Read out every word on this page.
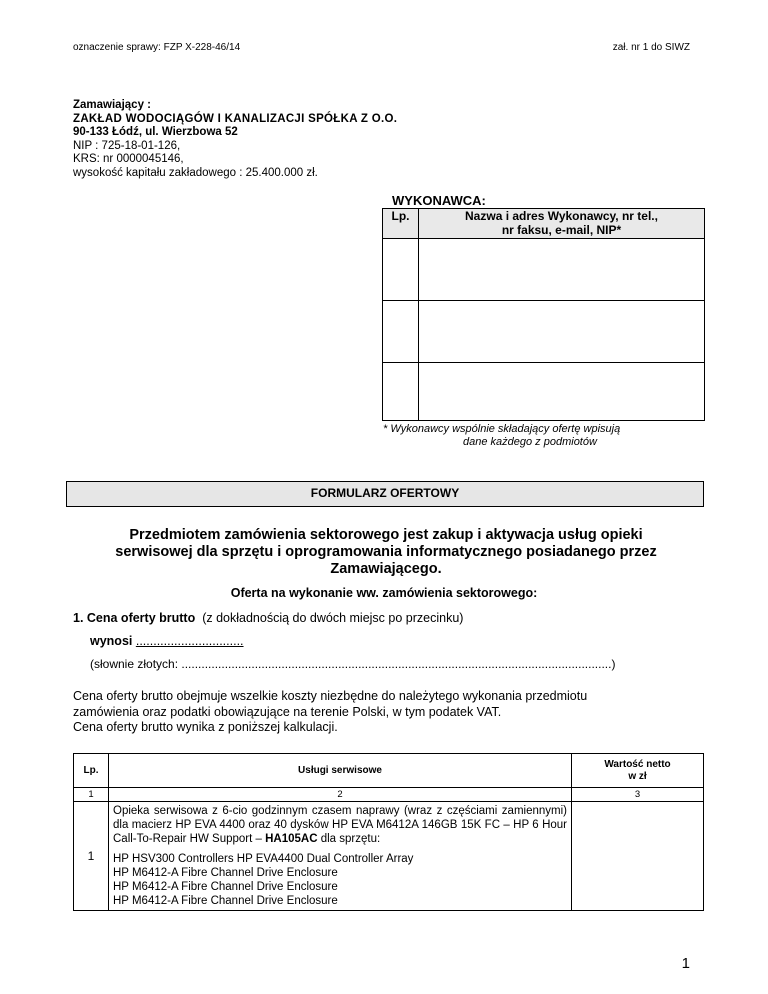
oznaczenie sprawy: FZP X-228-46/14	zał. nr 1 do SIWZ
Zamawiający :
ZAKŁAD WODOCIĄGÓW I KANALIZACJI SPÓŁKA Z O.O.
90-133 Łódź, ul. Wierzbowa 52
NIP : 725-18-01-126,
KRS: nr 0000045146,
wysokość kapitału zakładowego : 25.400.000 zł.
WYKONAWCA:
Lp.	Nazwa i adres Wykonawcy, nr tel.,
nr faksu, e-mail, NIP*

* Wykonawcy wspólnie składający ofertę wpisują
dane każdego z podmiotów
FORMULARZ OFERTOWY
Przedmiotem zamówienia sektorowego jest zakup i aktywacja usług opieki
serwisowej dla sprzętu i oprogramowania informatycznego posiadanego przez
Zamawiającego.
Oferta na wykonanie ww. zamówienia sektorowego:
1. Cena oferty brutto (z dokładnością do dwóch miejsc po przecinku)
wynosi ...............................
(słownie złotych: .................................................................................................................................)
Cena oferty brutto obejmuje wszelkie koszty niezbędne do należytego wykonania przedmiotu
zamówienia oraz podatki obowiązujące na terenie Polski, w tym podatek VAT.
Cena oferty brutto wynika z poniższej kalkulacji.
Lp.	Usługi serwisowe	Wartość netto
w zł

1	2	3
1	Opieka serwisowa z 6-cio godzinnym czasem naprawy (wraz z częściami zamiennymi) dla macierz HP EVA 4400 oraz 40 dysków HP EVA M6412A 146GB 15K FC – HP 6 Hour Call-To-Repair HW Support – HA105AC dla sprzętu:
HP HSV300 Controllers HP EVA4400 Dual Controller Array
HP M6412-A Fibre Channel Drive Enclosure
HP M6412-A Fibre Channel Drive Enclosure
HP M6412-A Fibre Channel Drive Enclosure	

1
